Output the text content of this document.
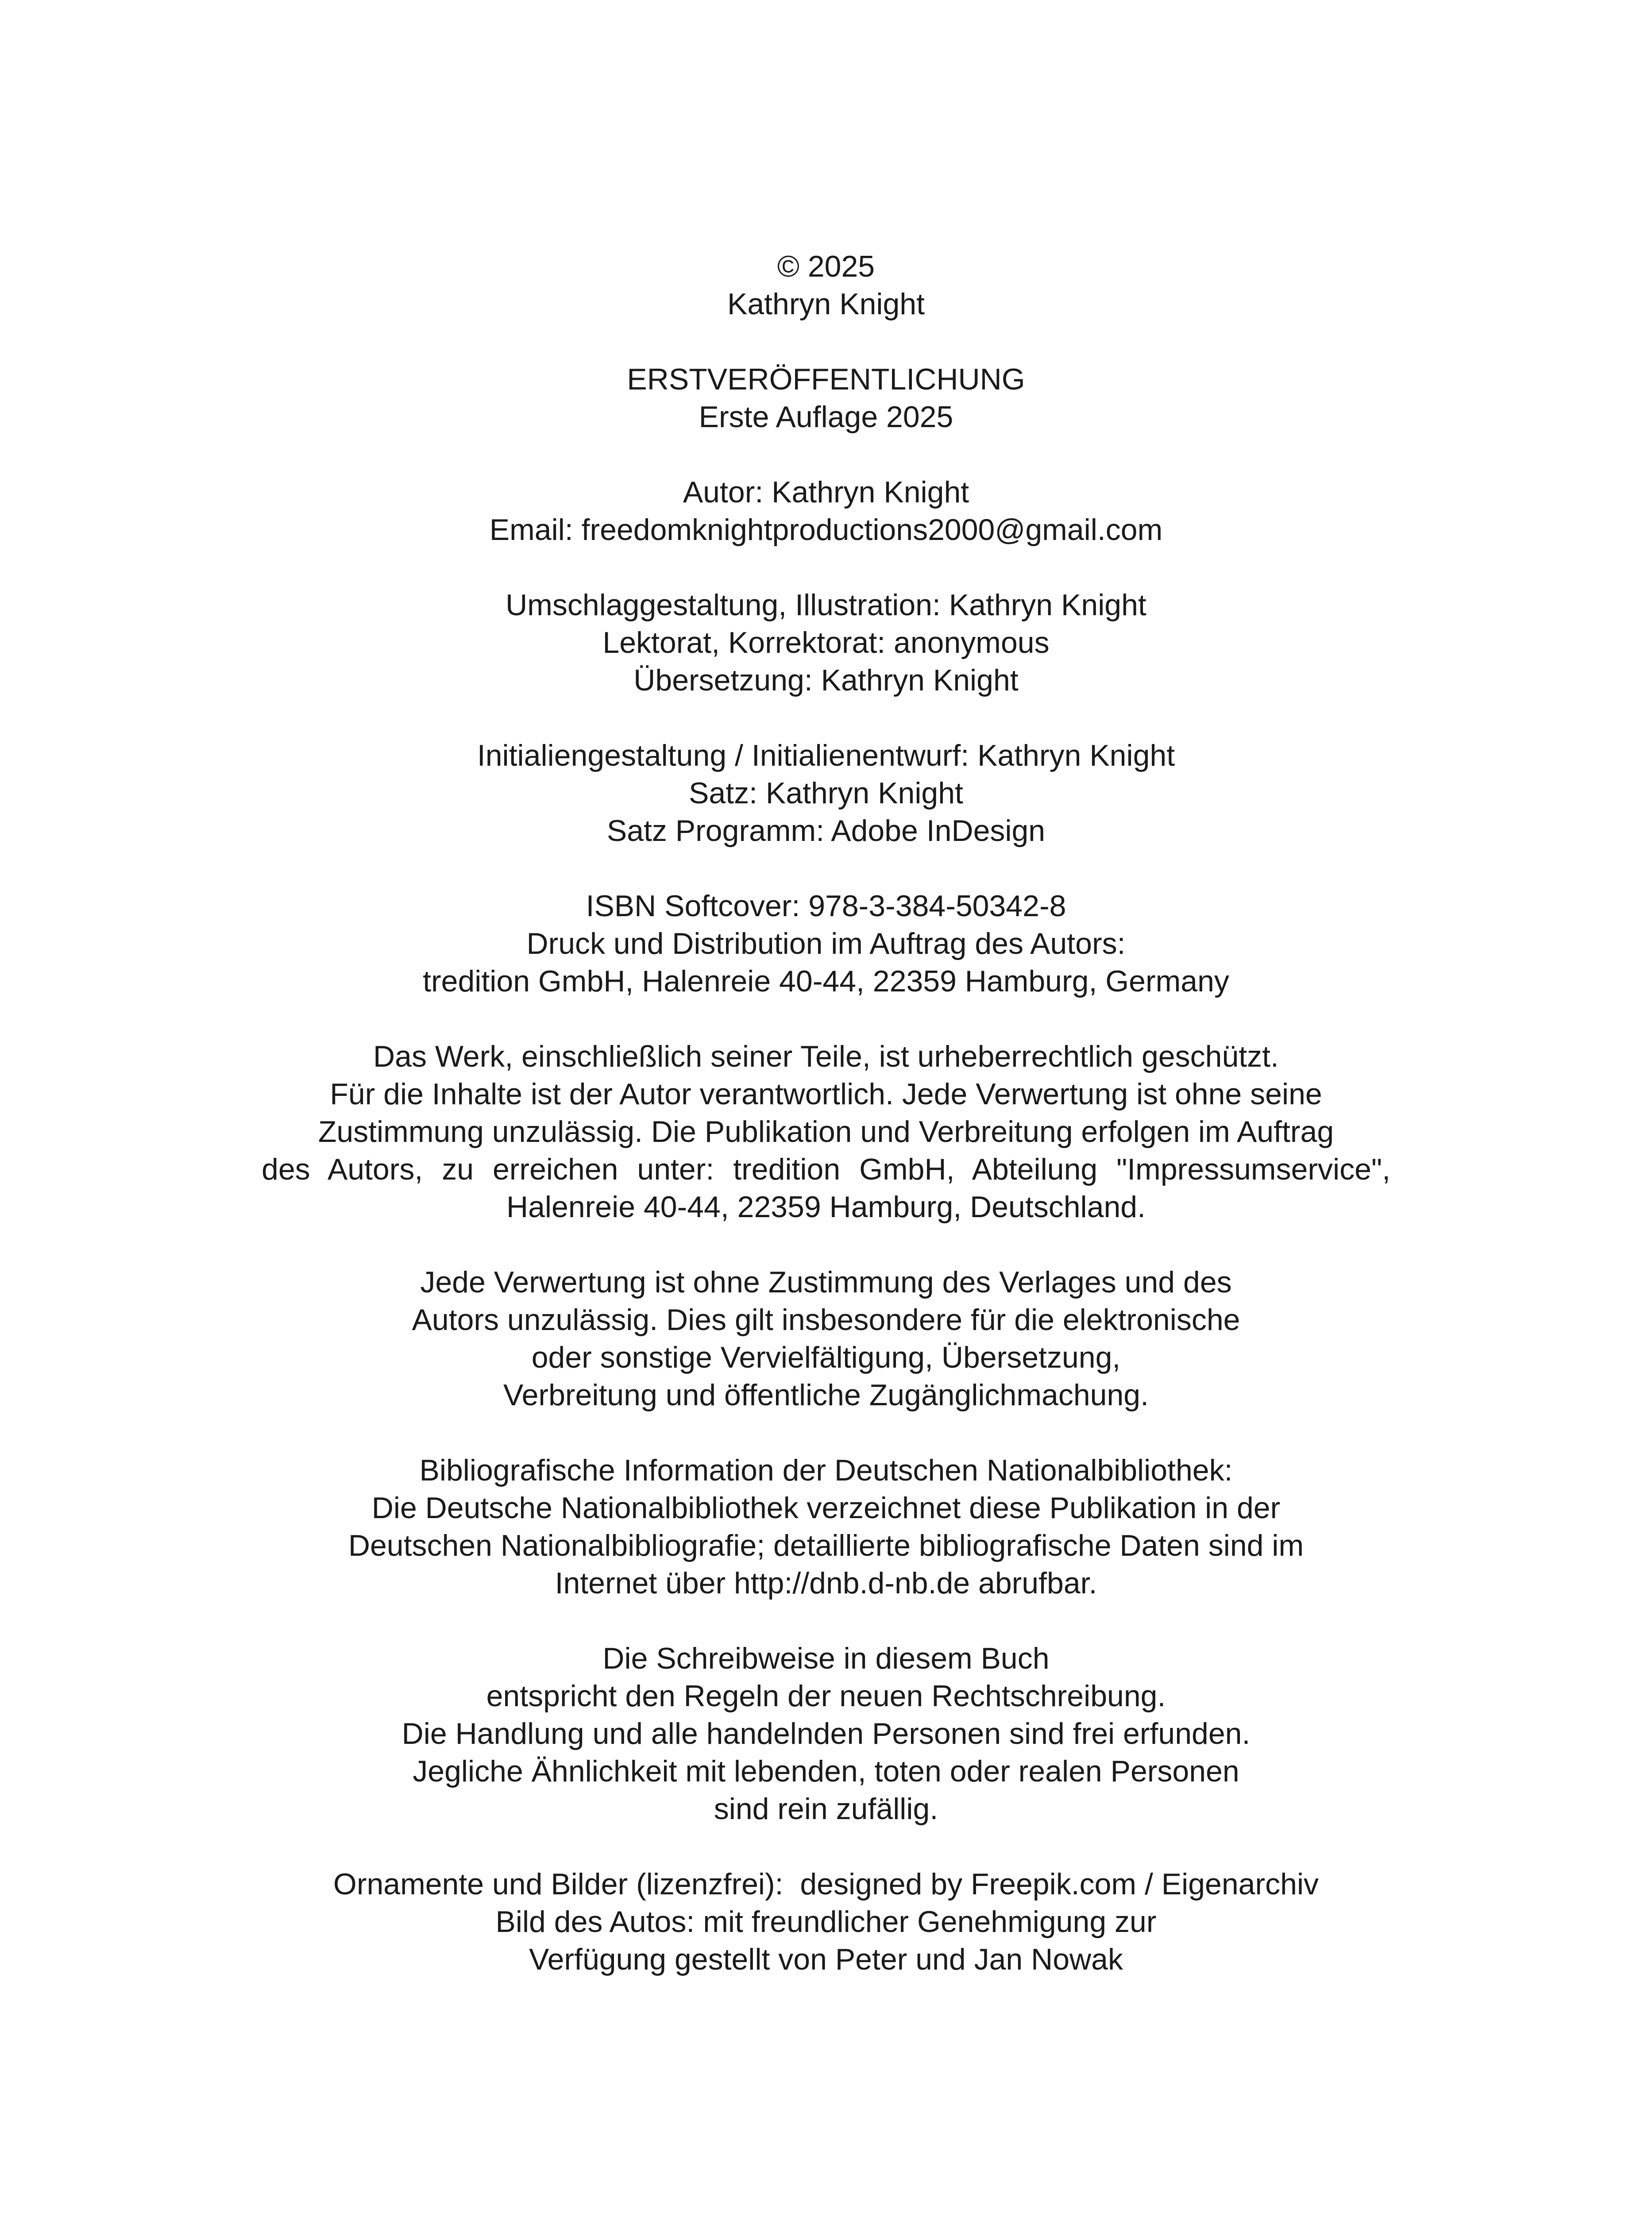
© 2025
Kathryn Knight
ERSTVERÖFFENTLICHUNG
Erste Auflage 2025
Autor: Kathryn Knight
Email: freedomknightproductions2000@gmail.com
Umschlaggestaltung, Illustration: Kathryn Knight
Lektorat, Korrektorat: anonymous
Übersetzung: Kathryn Knight
Initialiengestaltung / Initialienentwurf: Kathryn Knight
Satz: Kathryn Knight
Satz Programm: Adobe InDesign
ISBN Softcover: 978-3-384-50342-8
Druck und Distribution im Auftrag des Autors:
tredition GmbH, Halenreie 40-44, 22359 Hamburg, Germany
Das Werk, einschließlich seiner Teile, ist urheberrechtlich geschützt.
Für die Inhalte ist der Autor verantwortlich. Jede Verwertung ist ohne seine
Zustimmung unzulässig. Die Publikation und Verbreitung erfolgen im Auftrag
des Autors, zu erreichen unter: tredition GmbH, Abteilung "Impressumservice",
Halenreie 40-44, 22359 Hamburg, Deutschland.
Jede Verwertung ist ohne Zustimmung des Verlages und des
Autors unzulässig. Dies gilt insbesondere für die elektronische
oder sonstige Vervielfältigung, Übersetzung,
Verbreitung und öffentliche Zugänglichmachung.
Bibliografische Information der Deutschen Nationalbibliothek:
Die Deutsche Nationalbibliothek verzeichnet diese Publikation in der
Deutschen Nationalbibliografie; detaillierte bibliografische Daten sind im
Internet über http://dnb.d-nb.de abrufbar.
Die Schreibweise in diesem Buch
entspricht den Regeln der neuen Rechtschreibung.
Die Handlung und alle handelnden Personen sind frei erfunden.
Jegliche Ähnlichkeit mit lebenden, toten oder realen Personen
sind rein zufällig.
Ornamente und Bilder (lizenzfrei):  designed by Freepik.com / Eigenarchiv
Bild des Autos: mit freundlicher Genehmigung zur
Verfügung gestellt von Peter und Jan Nowak
